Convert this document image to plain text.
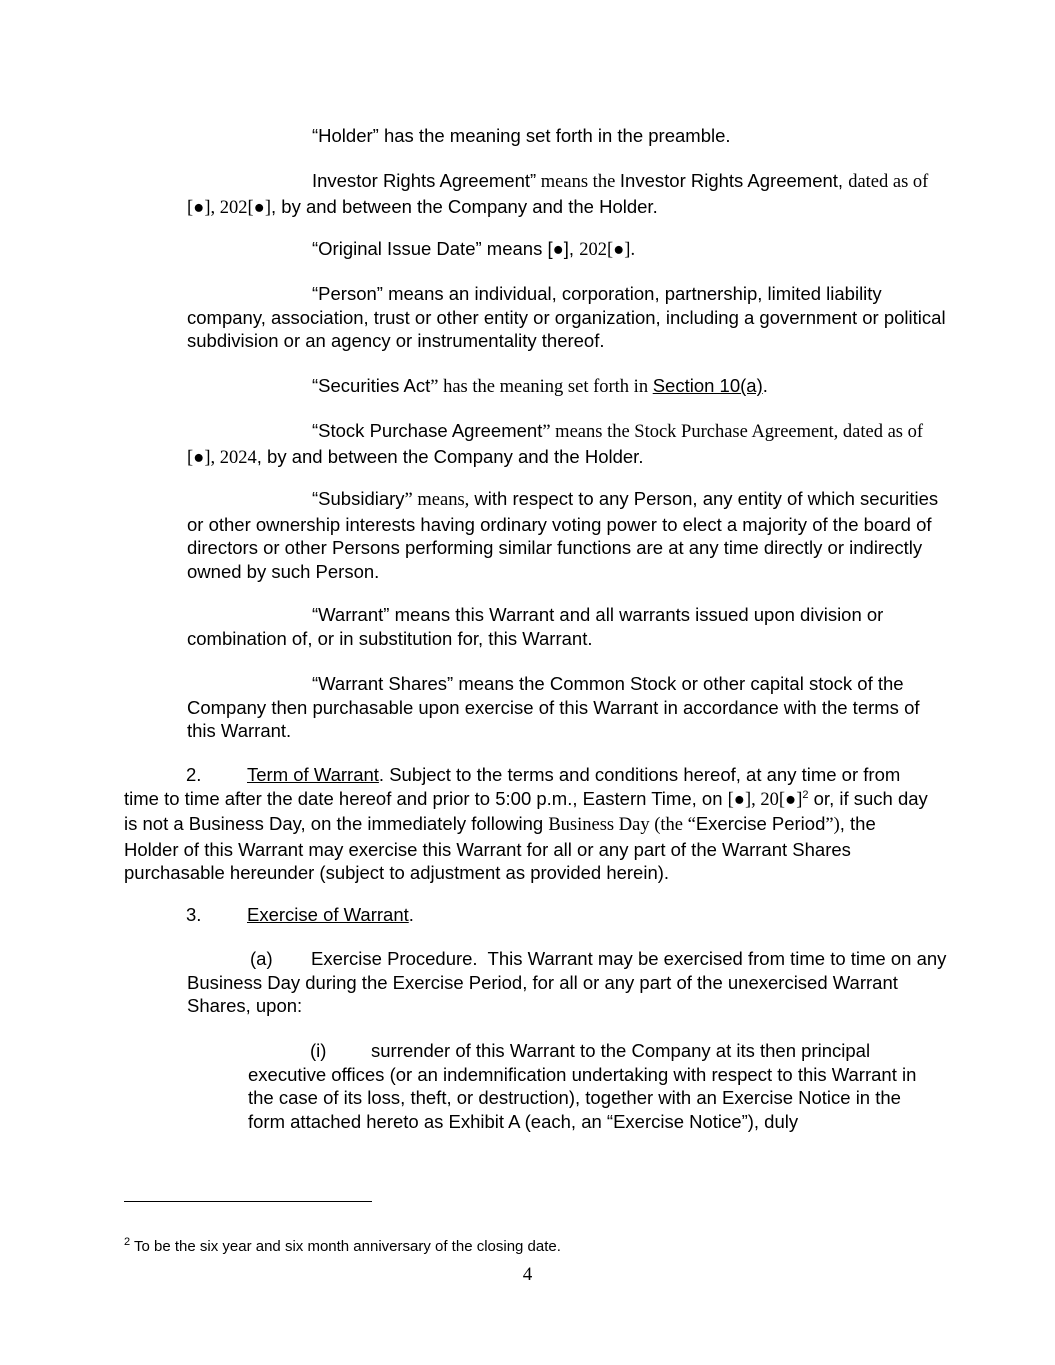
“Holder” has the meaning set forth in the preamble.

Investor Rights Agreement” means the Investor Rights Agreement, dated as of [●], 202[●], by and between the Company and the Holder.

“Original Issue Date” means [●], 202[●].

“Person” means an individual, corporation, partnership, limited liability company, association, trust or other entity or organization, including a government or political subdivision or an agency or instrumentality thereof.

“Securities Act” has the meaning set forth in Section 10(a).

“Stock Purchase Agreement” means the Stock Purchase Agreement, dated as of [●], 2024, by and between the Company and the Holder.

“Subsidiary” means, with respect to any Person, any entity of which securities or other ownership interests having ordinary voting power to elect a majority of the board of directors or other Persons performing similar functions are at any time directly or indirectly owned by such Person.

“Warrant” means this Warrant and all warrants issued upon division or combination of, or in substitution for, this Warrant.

“Warrant Shares” means the Common Stock or other capital stock of the Company then purchasable upon exercise of this Warrant in accordance with the terms of this Warrant.

2. Term of Warrant. Subject to the terms and conditions hereof, at any time or from time to time after the date hereof and prior to 5:00 p.m., Eastern Time, on [●], 20[●]$^2$ or, if such day is not a Business Day, on the immediately following Business Day (the “Exercise Period”), the Holder of this Warrant may exercise this Warrant for all or any part of the Warrant Shares purchasable hereunder (subject to adjustment as provided herein).

3. Exercise of Warrant.

(a) Exercise Procedure.  This Warrant may be exercised from time to time on any Business Day during the Exercise Period, for all or any part of the unexercised Warrant Shares, upon:

(i) surrender of this Warrant to the Company at its then principal executive offices (or an indemnification undertaking with respect to this Warrant in the case of its loss, theft, or destruction), together with an Exercise Notice in the form attached hereto as Exhibit A (each, an “Exercise Notice”), duly

$^2$ To be the six year and six month anniversary of the closing date.

4
